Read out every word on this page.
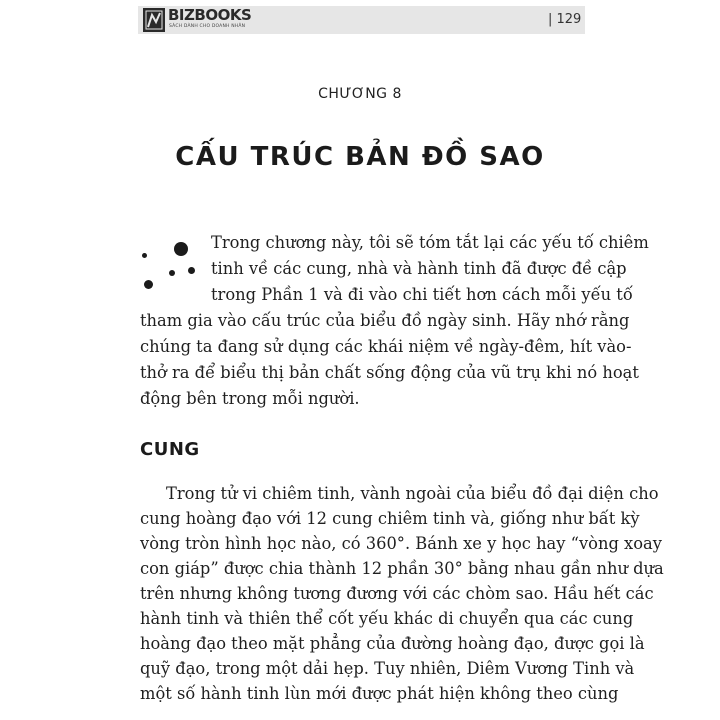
BIZBOOKS
SÁCH DÀNH CHO DOANH NHÂN	| 129
CHƯƠNG 8
CẤU TRÚC BẢN ĐỒ SAO
Trong chương này, tôi sẽ tóm tắt lại các yếu tố chiêm
tinh về các cung, nhà và hành tinh đã được đề cập
trong Phần 1 và đi vào chi tiết hơn cách mỗi yếu tố
tham gia vào cấu trúc của biểu đồ ngày sinh. Hãy nhớ rằng
chúng ta đang sử dụng các khái niệm về ngày-đêm, hít vào-
thở ra để biểu thị bản chất sống động của vũ trụ khi nó hoạt
động bên trong mỗi người.
CUNG
Trong tử vi chiêm tinh, vành ngoài của biểu đồ đại diện cho
cung hoàng đạo với 12 cung chiêm tinh và, giống như bất kỳ
vòng tròn hình học nào, có 360°. Bánh xe y học hay “vòng xoay
con giáp” được chia thành 12 phần 30° bằng nhau gần như dựa
trên nhưng không tương đương với các chòm sao. Hầu hết các
hành tinh và thiên thể cốt yếu khác di chuyển qua các cung
hoàng đạo theo mặt phẳng của đường hoàng đạo, được gọi là
quỹ đạo, trong một dải hẹp. Tuy nhiên, Diêm Vương Tinh và
một số hành tinh lùn mới được phát hiện không theo cùng
